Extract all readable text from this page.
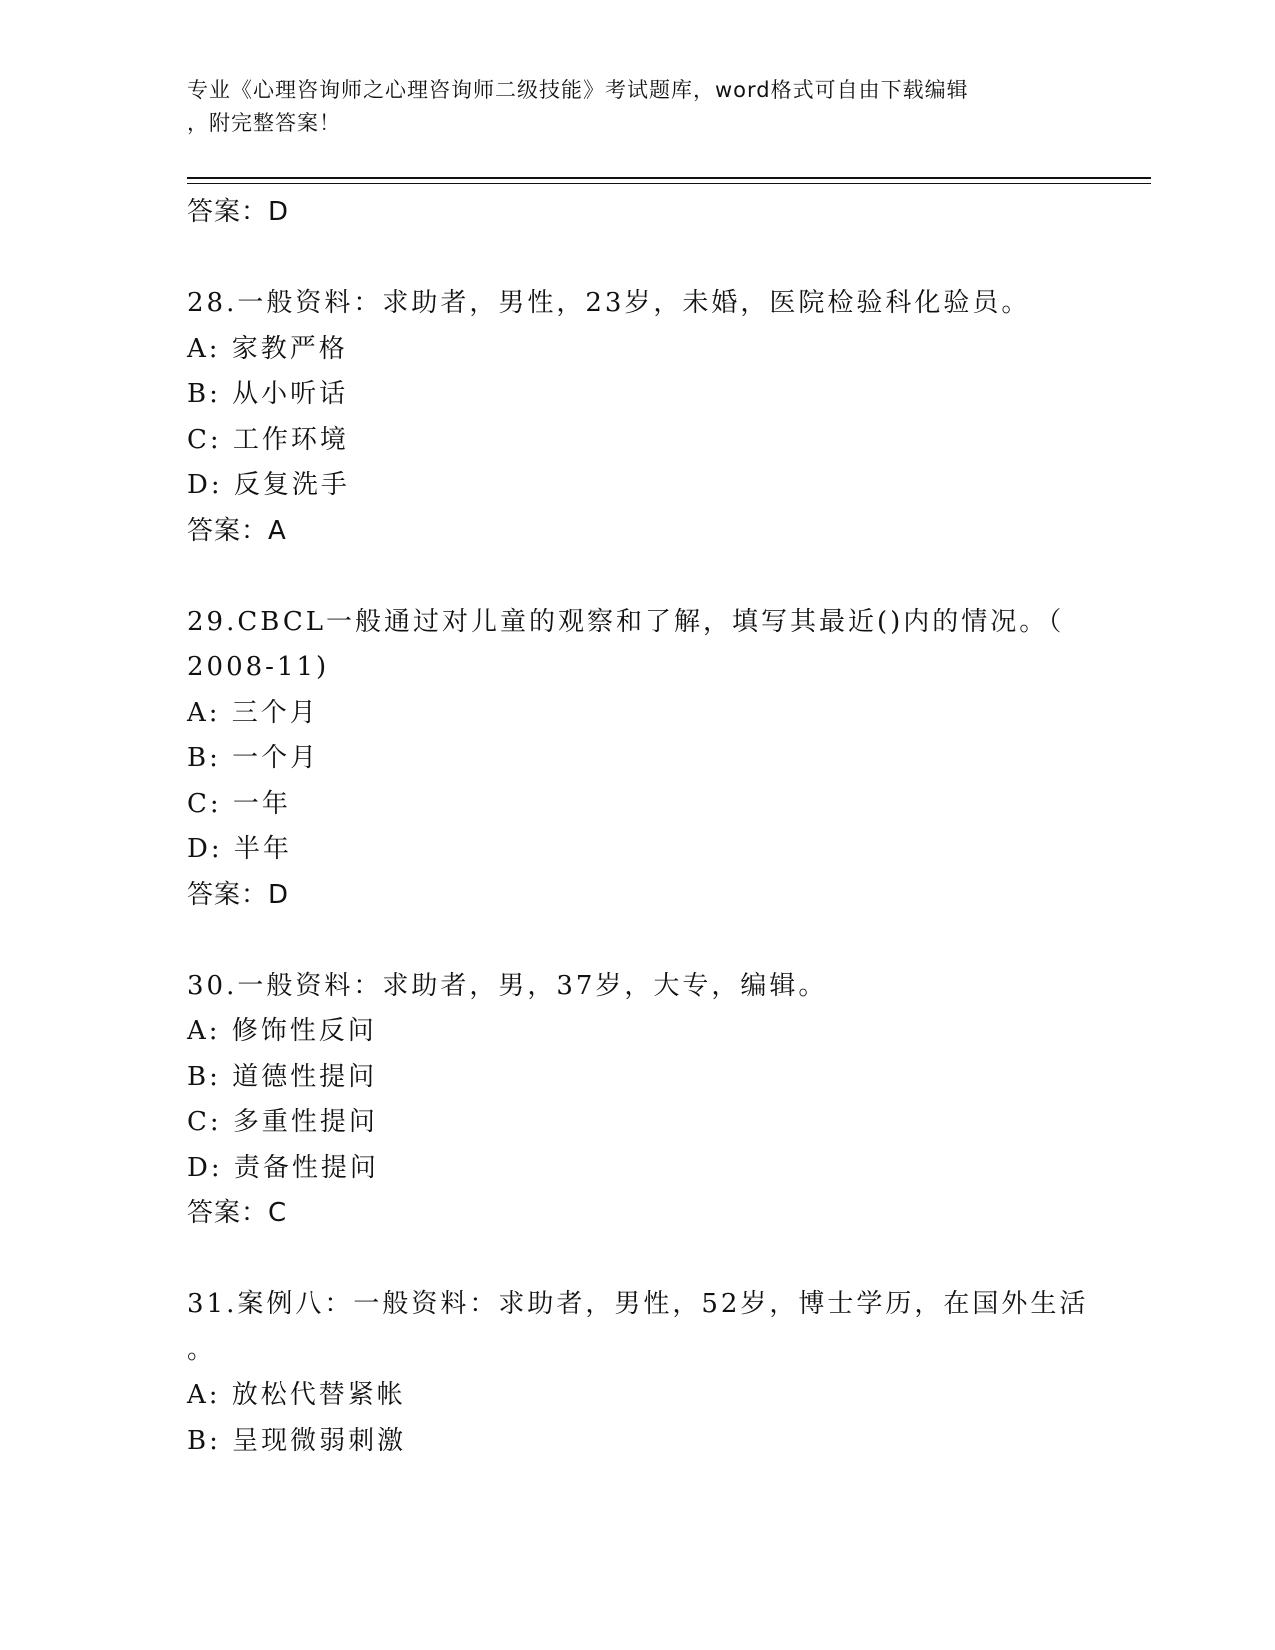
专业《心理咨询师之心理咨询师二级技能》考试题库，word格式可自由下载编辑
，附完整答案！
答案：D
28.一般资料：求助者，男性，23岁，未婚，医院检验科化验员。
A: 家教严格
B: 从小听话
C: 工作环境
D: 反复洗手
答案：A
29.CBCL一般通过对儿童的观察和了解，填写其最近()内的情况。（
2008-11)
A: 三个月
B: 一个月
C: 一年
D: 半年
答案：D
30.一般资料：求助者，男，37岁，大专，编辑。
A: 修饰性反问
B: 道德性提问
C: 多重性提问
D: 责备性提问
答案：C
31.案例八：一般资料：求助者，男性，52岁，博士学历，在国外生活
。
A: 放松代替紧帐
B: 呈现微弱刺激
